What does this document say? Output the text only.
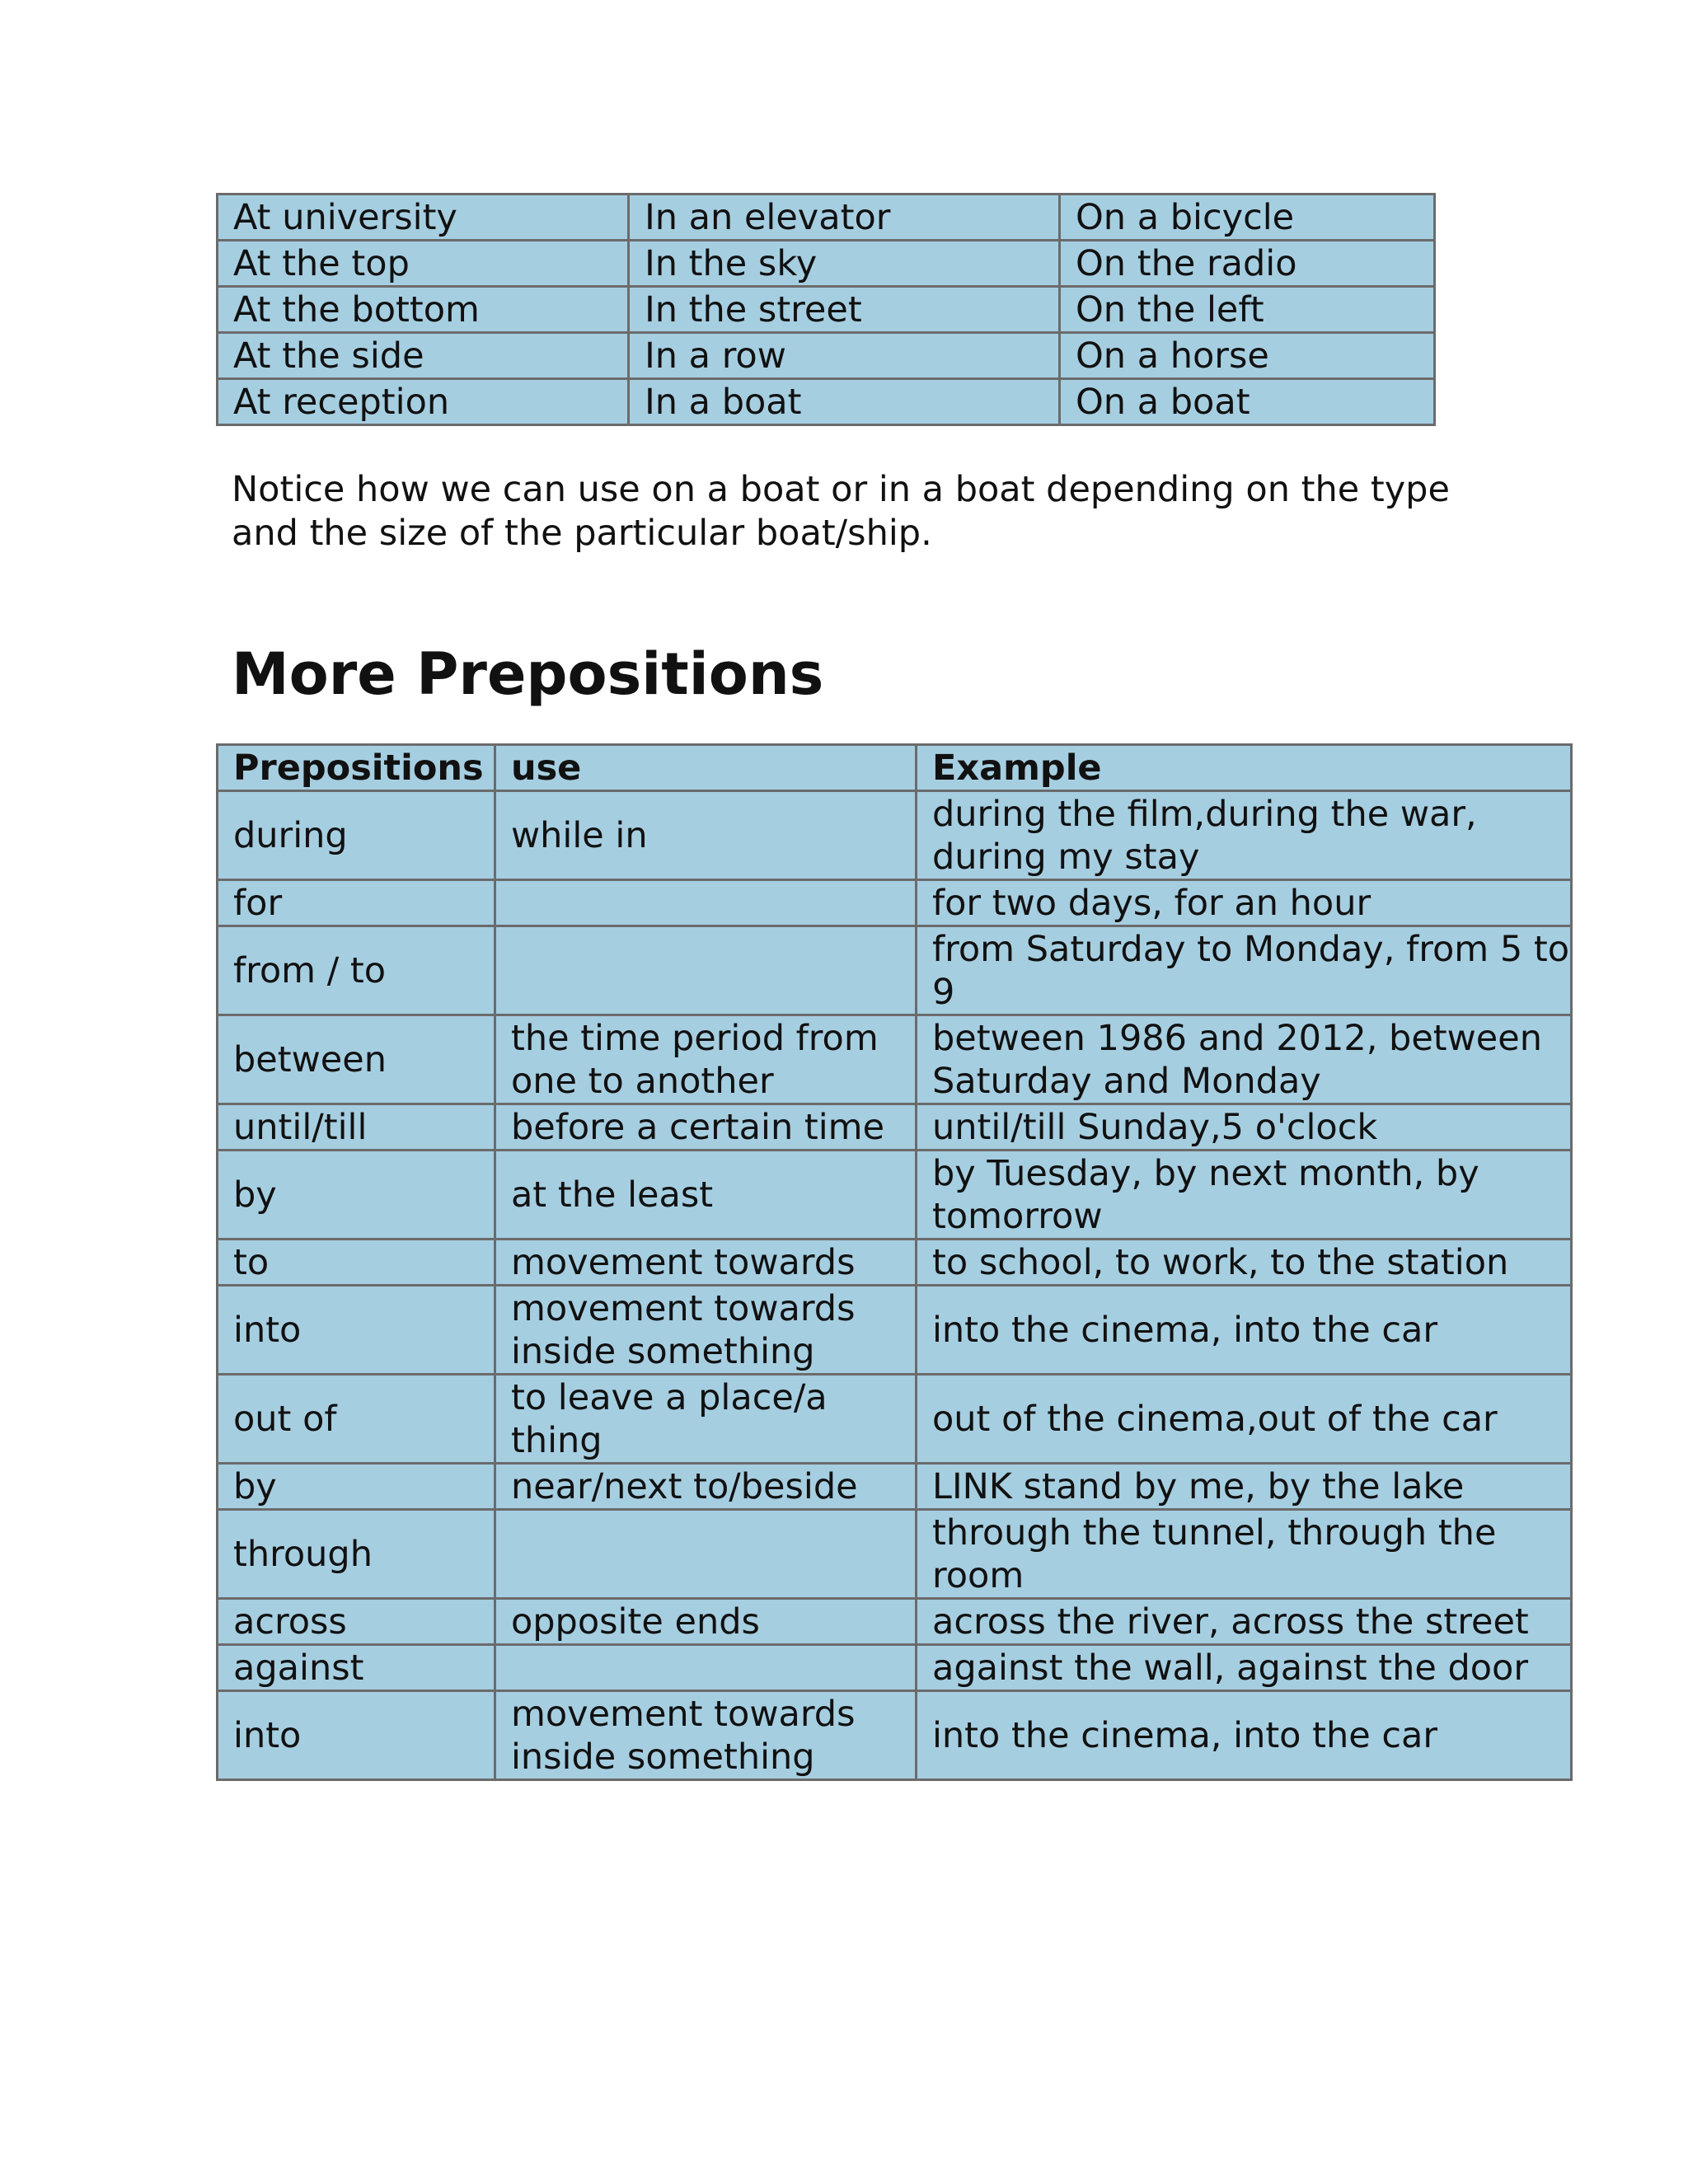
At university	In an elevator	On a bicycle
At the top	In the sky	On the radio
At the bottom	In the street	On the left
At the side	In a row	On a horse
At reception	In a boat	On a boat

Notice how we can use on a boat or in a boat depending on the type and the size of the particular boat/ship.

More Prepositions
Prepositions	use	Example
during	while in	during the film,during the war, during my stay
for		for two days, for an hour
from / to		from Saturday to Monday, from 5 to 9
between	the time period from one to another	between 1986 and 2012, between Saturday and Monday
until/till	before a certain time	until/till Sunday,5 o'clock
by	at the least	by Tuesday, by next month, by tomorrow
to	movement towards	to school, to work, to the station
into	movement towards inside something	into the cinema, into the car
out of	to leave a place/a thing	out of the cinema,out of the car
by	near/next to/beside	LINK stand by me, by the lake
through		through the tunnel, through the room
across	opposite ends	across the river, across the street
against		against the wall, against the door
into	movement towards inside something	into the cinema, into the car
